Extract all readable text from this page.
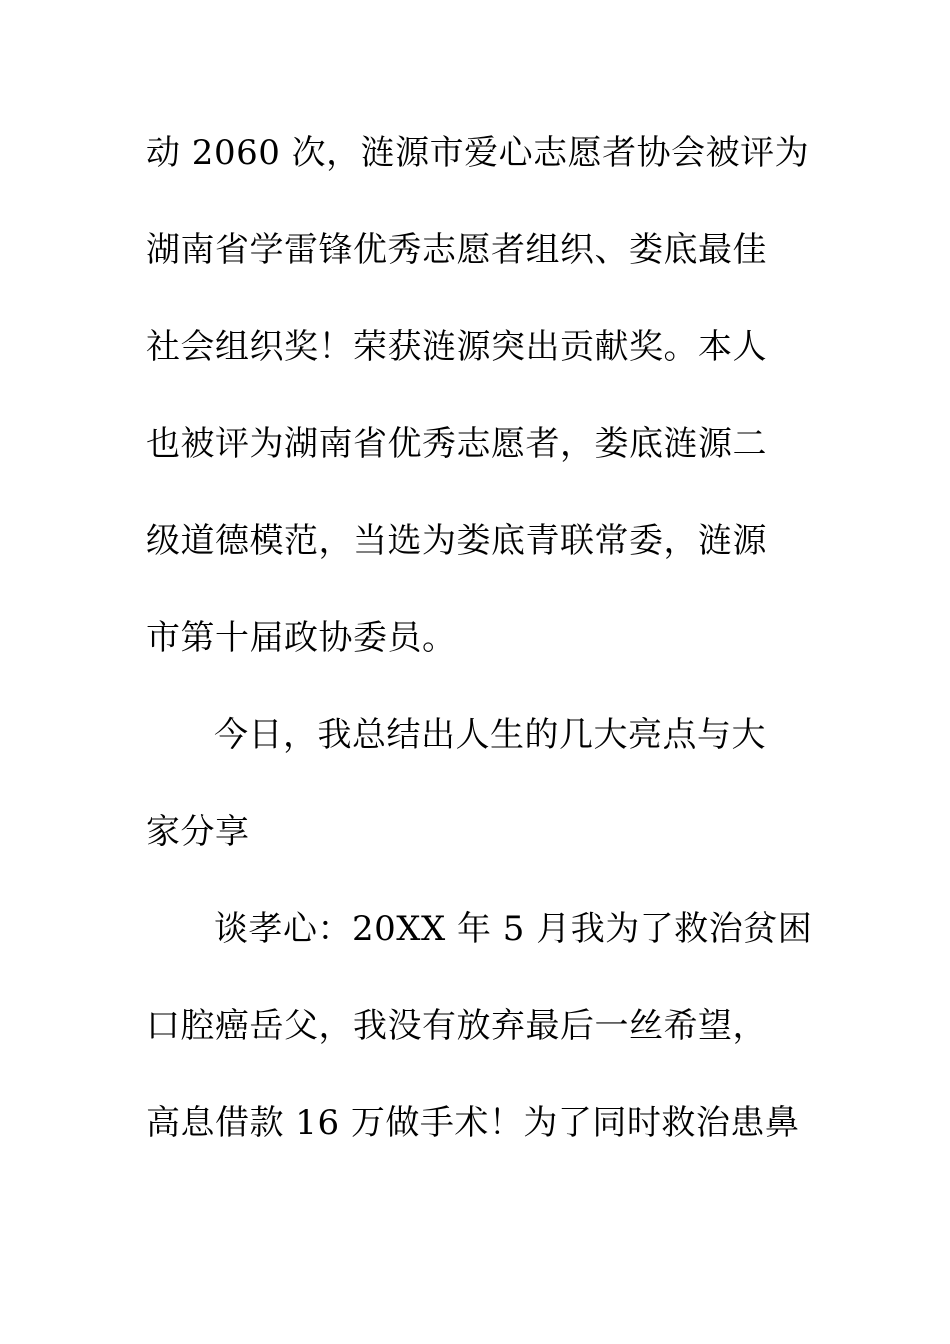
动 2060 次，涟源市爱心志愿者协会被评为
湖南省学雷锋优秀志愿者组织、娄底最佳
社会组织奖！荣获涟源突出贡献奖。本人
也被评为湖南省优秀志愿者，娄底涟源二
级道德模范，当选为娄底青联常委，涟源
市第十届政协委员。
今日，我总结出人生的几大亮点与大
家分享
谈孝心：20XX 年 5 月我为了救治贫困
口腔癌岳父，我没有放弃最后一丝希望，
高息借款 16 万做手术！为了同时救治患鼻
